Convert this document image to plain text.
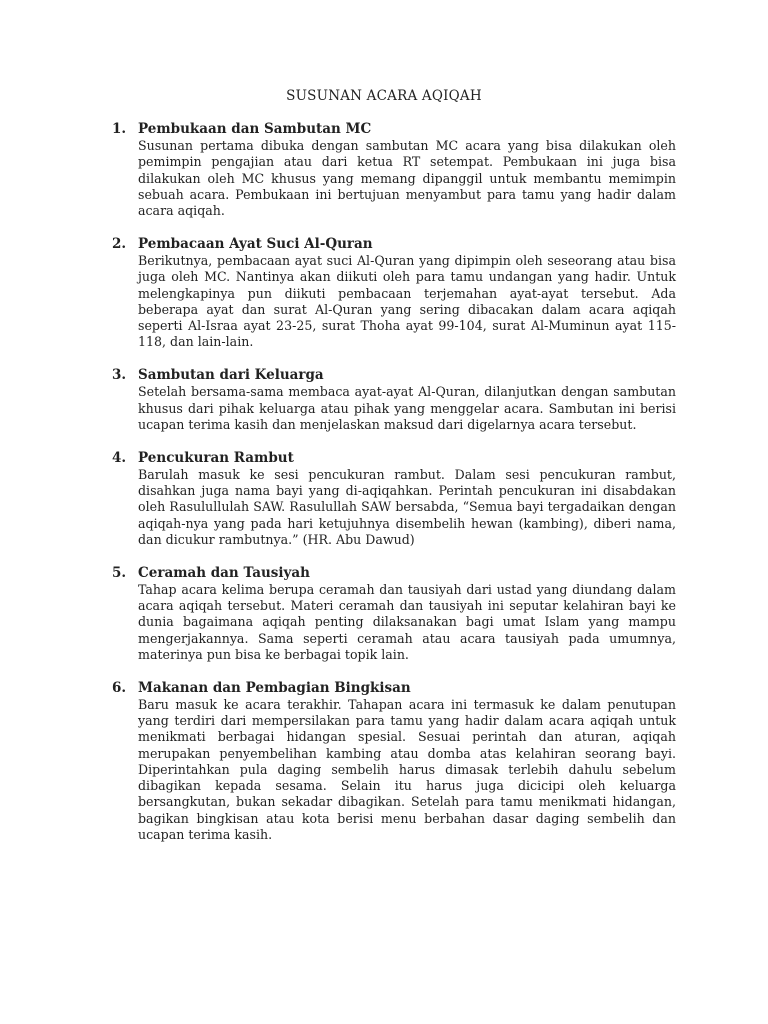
SUSUNAN ACARA AQIQAH
1. Pembukaan dan Sambutan MC
Susunan pertama dibuka dengan sambutan MC acara yang bisa dilakukan oleh pemimpin pengajian atau dari ketua RT setempat. Pembukaan ini juga bisa dilakukan oleh MC khusus yang memang dipanggil untuk membantu memimpin sebuah acara. Pembukaan ini bertujuan menyambut para tamu yang hadir dalam acara aqiqah.
2. Pembacaan Ayat Suci Al-Quran
Berikutnya, pembacaan ayat suci Al-Quran yang dipimpin oleh seseorang atau bisa juga oleh MC. Nantinya akan diikuti oleh para tamu undangan yang hadir. Untuk melengkapinya pun diikuti pembacaan terjemahan ayat-ayat tersebut. Ada beberapa ayat dan surat Al-Quran yang sering dibacakan dalam acara aqiqah seperti Al-Israa ayat 23-25, surat Thoha ayat 99-104, surat Al-Muminun ayat 115-118, dan lain-lain.
3. Sambutan dari Keluarga
Setelah bersama-sama membaca ayat-ayat Al-Quran, dilanjutkan dengan sambutan khusus dari pihak keluarga atau pihak yang menggelar acara. Sambutan ini berisi ucapan terima kasih dan menjelaskan maksud dari digelarnya acara tersebut.
4. Pencukuran Rambut
Barulah masuk ke sesi pencukuran rambut. Dalam sesi pencukuran rambut, disahkan juga nama bayi yang di-aqiqahkan. Perintah pencukuran ini disabdakan oleh Rasulullulah SAW. Rasulullah SAW bersabda, “Semua bayi tergadaikan dengan aqiqah-nya yang pada hari ketujuhnya disembelih hewan (kambing), diberi nama, dan dicukur rambutnya.” (HR. Abu Dawud)
5. Ceramah dan Tausiyah
Tahap acara kelima berupa ceramah dan tausiyah dari ustad yang diundang dalam acara aqiqah tersebut. Materi ceramah dan tausiyah ini seputar kelahiran bayi ke dunia bagaimana aqiqah penting dilaksanakan bagi umat Islam yang mampu mengerjakannya. Sama seperti ceramah atau acara tausiyah pada umumnya, materinya pun bisa ke berbagai topik lain.
6. Makanan dan Pembagian Bingkisan
Baru masuk ke acara terakhir. Tahapan acara ini termasuk ke dalam penutupan yang terdiri dari mempersilakan para tamu yang hadir dalam acara aqiqah untuk menikmati berbagai hidangan spesial. Sesuai perintah dan aturan, aqiqah merupakan penyembelihan kambing atau domba atas kelahiran seorang bayi. Diperintahkan pula daging sembelih harus dimasak terlebih dahulu sebelum dibagikan kepada sesama. Selain itu harus juga dicicipi oleh keluarga bersangkutan, bukan sekadar dibagikan. Setelah para tamu menikmati hidangan, bagikan bingkisan atau kota berisi menu berbahan dasar daging sembelih dan ucapan terima kasih.
